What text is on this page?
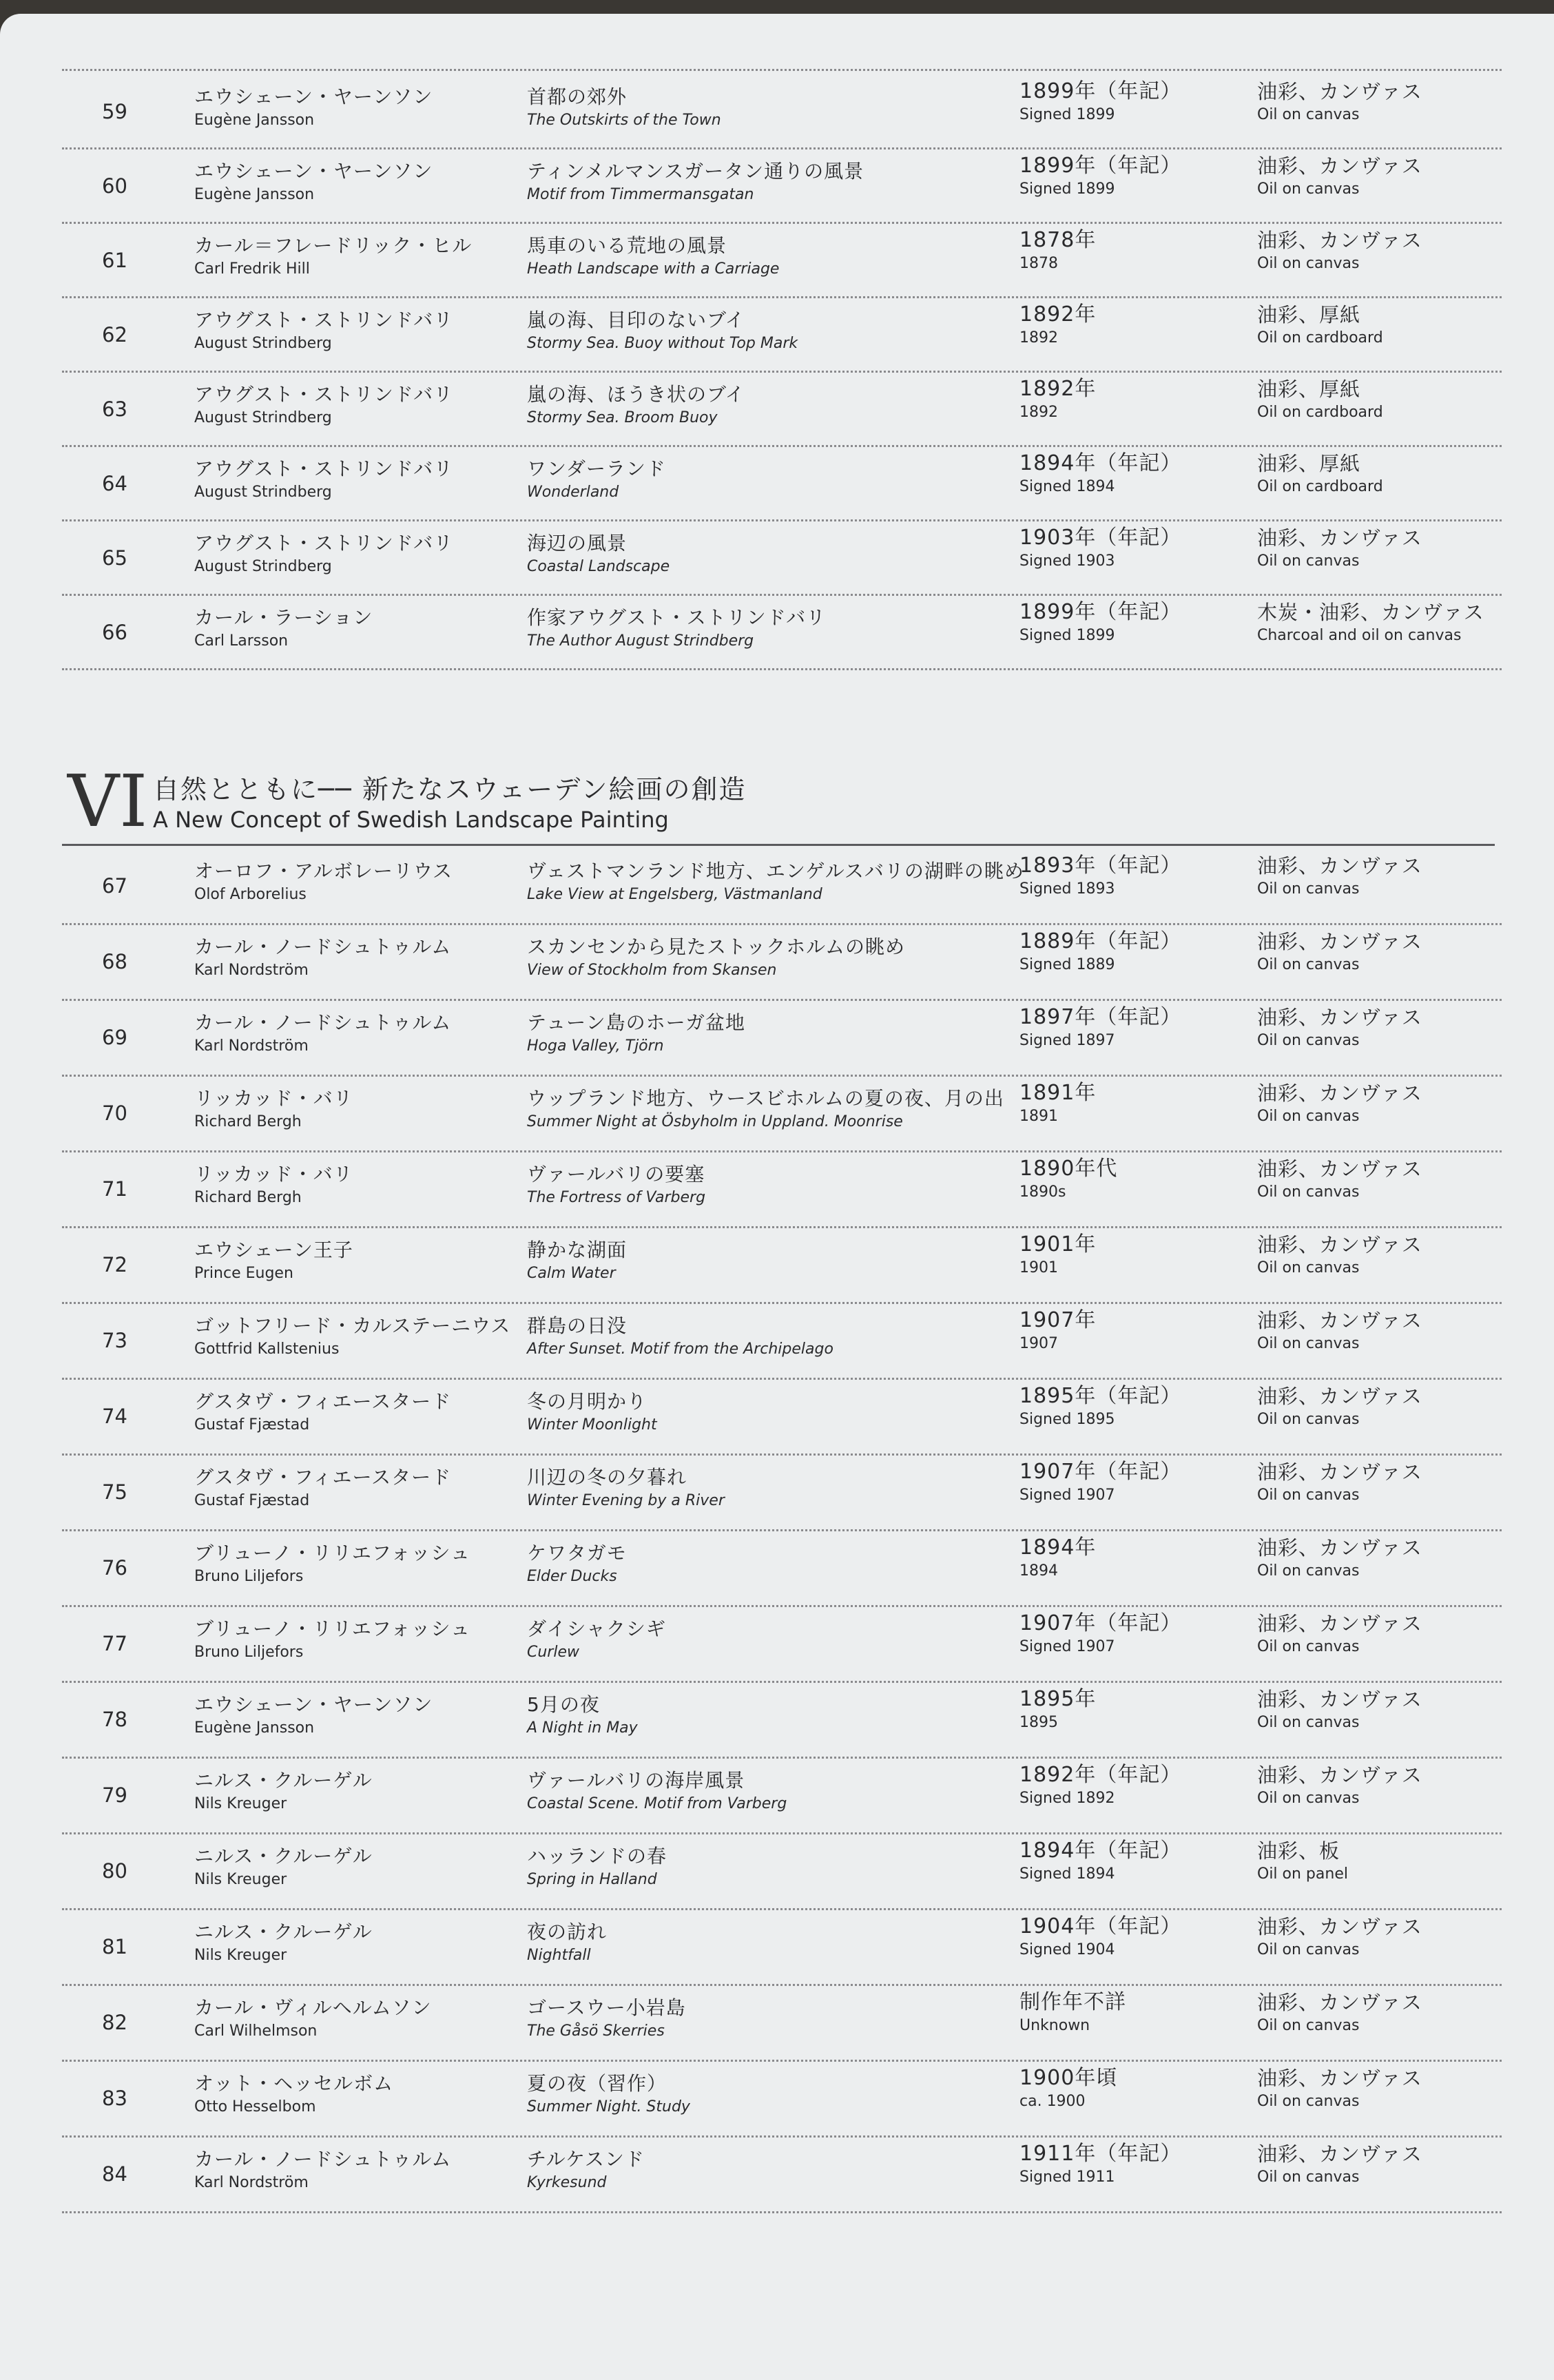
59
エウシェーン・ヤーンソン
Eugène Jansson
首都の郊外
The Outskirts of the Town
1899年（年記）
Signed 1899
油彩、カンヴァス
Oil on canvas
60
エウシェーン・ヤーンソン
Eugène Jansson
ティンメルマンスガータン通りの風景
Motif from Timmermansgatan
1899年（年記）
Signed 1899
油彩、カンヴァス
Oil on canvas
61
カール＝フレードリック・ヒル
Carl Fredrik Hill
馬車のいる荒地の風景
Heath Landscape with a Carriage
1878年
1878
油彩、カンヴァス
Oil on canvas
62
アウグスト・ストリンドバリ
August Strindberg
嵐の海、目印のないブイ
Stormy Sea. Buoy without Top Mark
1892年
1892
油彩、厚紙
Oil on cardboard
63
アウグスト・ストリンドバリ
August Strindberg
嵐の海、ほうき状のブイ
Stormy Sea. Broom Buoy
1892年
1892
油彩、厚紙
Oil on cardboard
64
アウグスト・ストリンドバリ
August Strindberg
ワンダーランド
Wonderland
1894年（年記）
Signed 1894
油彩、厚紙
Oil on cardboard
65
アウグスト・ストリンドバリ
August Strindberg
海辺の風景
Coastal Landscape
1903年（年記）
Signed 1903
油彩、カンヴァス
Oil on canvas
66
カール・ラーション
Carl Larsson
作家アウグスト・ストリンドバリ
The Author August Strindberg
1899年（年記）
Signed 1899
木炭・油彩、カンヴァス
Charcoal and oil on canvas
VI 自然とともに── 新たなスウェーデン絵画の創造
A New Concept of Swedish Landscape Painting
67
オーロフ・アルボレーリウス
Olof Arborelius
ヴェストマンランド地方、エンゲルスバリの湖畔の眺め
Lake View at Engelsberg, Västmanland
1893年（年記）
Signed 1893
油彩、カンヴァス
Oil on canvas
68
カール・ノードシュトゥルム
Karl Nordström
スカンセンから見たストックホルムの眺め
View of Stockholm from Skansen
1889年（年記）
Signed 1889
油彩、カンヴァス
Oil on canvas
69
カール・ノードシュトゥルム
Karl Nordström
テューン島のホーガ盆地
Hoga Valley, Tjörn
1897年（年記）
Signed 1897
油彩、カンヴァス
Oil on canvas
70
リッカッド・バリ
Richard Bergh
ウップランド地方、ウースビホルムの夏の夜、月の出
Summer Night at Ösbyholm in Uppland. Moonrise
1891年
1891
油彩、カンヴァス
Oil on canvas
71
リッカッド・バリ
Richard Bergh
ヴァールバリの要塞
The Fortress of Varberg
1890年代
1890s
油彩、カンヴァス
Oil on canvas
72
エウシェーン王子
Prince Eugen
静かな湖面
Calm Water
1901年
1901
油彩、カンヴァス
Oil on canvas
73
ゴットフリード・カルステーニウス
Gottfrid Kallstenius
群島の日没
After Sunset. Motif from the Archipelago
1907年
1907
油彩、カンヴァス
Oil on canvas
74
グスタヴ・フィエースタード
Gustaf Fjæstad
冬の月明かり
Winter Moonlight
1895年（年記）
Signed 1895
油彩、カンヴァス
Oil on canvas
75
グスタヴ・フィエースタード
Gustaf Fjæstad
川辺の冬の夕暮れ
Winter Evening by a River
1907年（年記）
Signed 1907
油彩、カンヴァス
Oil on canvas
76
ブリューノ・リリエフォッシュ
Bruno Liljefors
ケワタガモ
Elder Ducks
1894年
1894
油彩、カンヴァス
Oil on canvas
77
ブリューノ・リリエフォッシュ
Bruno Liljefors
ダイシャクシギ
Curlew
1907年（年記）
Signed 1907
油彩、カンヴァス
Oil on canvas
78
エウシェーン・ヤーンソン
Eugène Jansson
5月の夜
A Night in May
1895年
1895
油彩、カンヴァス
Oil on canvas
79
ニルス・クルーゲル
Nils Kreuger
ヴァールバリの海岸風景
Coastal Scene. Motif from Varberg
1892年（年記）
Signed 1892
油彩、カンヴァス
Oil on canvas
80
ニルス・クルーゲル
Nils Kreuger
ハッランドの春
Spring in Halland
1894年（年記）
Signed 1894
油彩、板
Oil on panel
81
ニルス・クルーゲル
Nils Kreuger
夜の訪れ
Nightfall
1904年（年記）
Signed 1904
油彩、カンヴァス
Oil on canvas
82
カール・ヴィルヘルムソン
Carl Wilhelmson
ゴースウー小岩島
The Gåsö Skerries
制作年不詳
Unknown
油彩、カンヴァス
Oil on canvas
83
オット・ヘッセルボム
Otto Hesselbom
夏の夜（習作）
Summer Night. Study
1900年頃
ca. 1900
油彩、カンヴァス
Oil on canvas
84
カール・ノードシュトゥルム
Karl Nordström
チルケスンド
Kyrkesund
1911年（年記）
Signed 1911
油彩、カンヴァス
Oil on canvas
